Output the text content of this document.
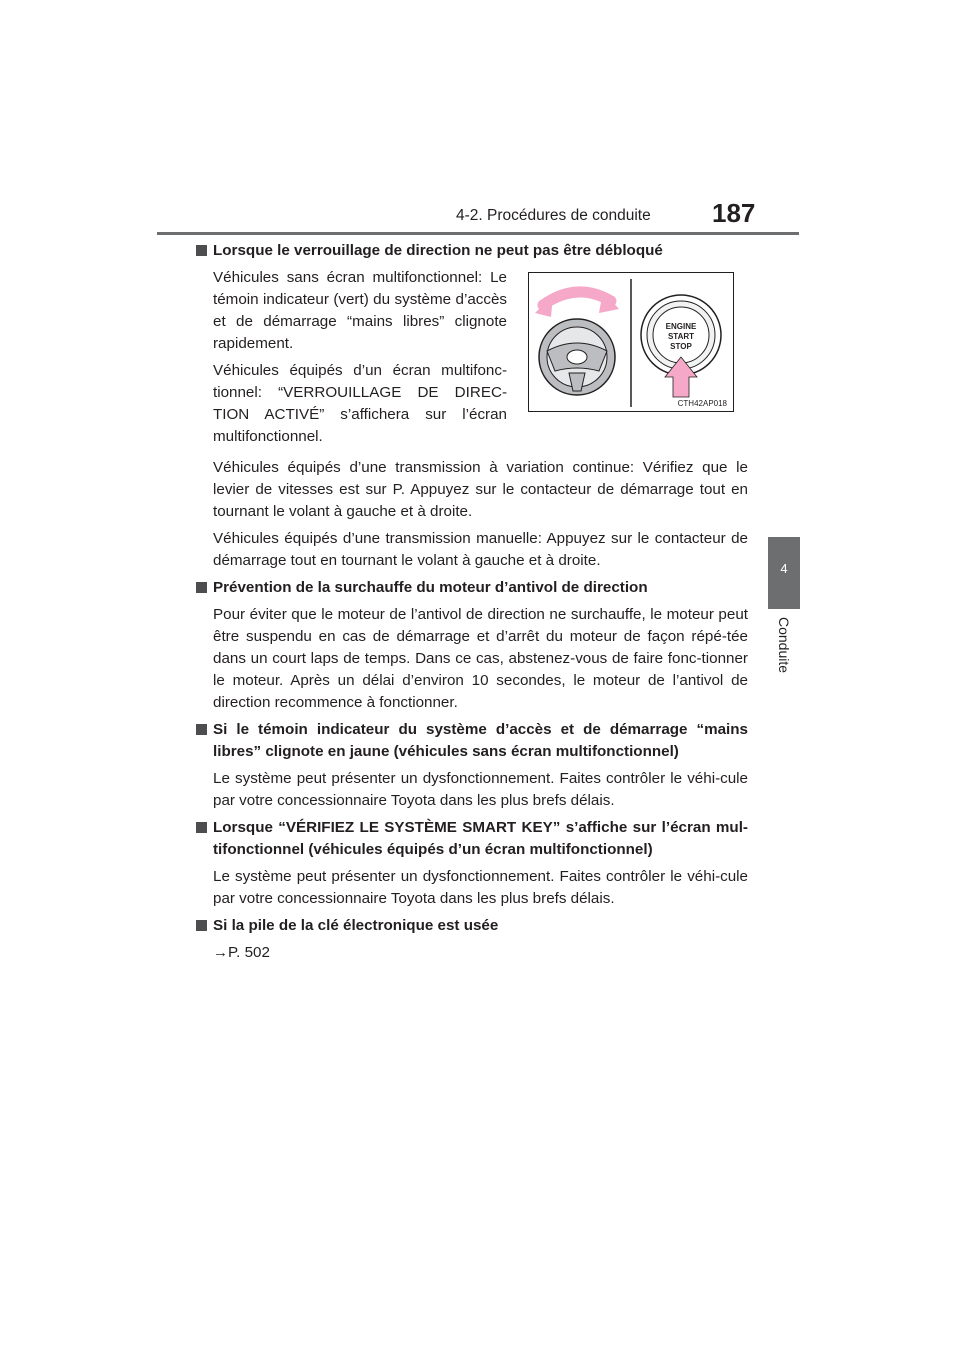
4-2. Procédures de conduite 187
4
Conduite
ENGINE
START
STOP
CTH42AP018
Lorsque le verrouillage de direction ne peut pas être débloqué

Véhicules sans écran multifonctionnel: Le témoin indicateur (vert) du système d’accès et de démarrage “mains libres” clignote rapidement.

Véhicules équipés d’un écran multifonc-tionnel: “VERROUILLAGE DE DIREC-TION ACTIVÉ” s’affichera sur l’écran multifonctionnel.

Véhicules équipés d’une transmission à variation continue: Vérifiez que le levier de vitesses est sur P. Appuyez sur le contacteur de démarrage tout en tournant le volant à gauche et à droite.

Véhicules équipés d’une transmission manuelle: Appuyez sur le contacteur de démarrage tout en tournant le volant à gauche et à droite.

Prévention de la surchauffe du moteur d’antivol de direction

Pour éviter que le moteur de l’antivol de direction ne surchauffe, le moteur peut être suspendu en cas de démarrage et d’arrêt du moteur de façon répé-tée dans un court laps de temps. Dans ce cas, abstenez-vous de faire fonc-tionner le moteur. Après un délai d’environ 10 secondes, le moteur de l’antivol de direction recommence à fonctionner.

Si le témoin indicateur du système d’accès et de démarrage “mains libres” clignote en jaune (véhicules sans écran multifonctionnel)

Le système peut présenter un dysfonctionnement. Faites contrôler le véhi-cule par votre concessionnaire Toyota dans les plus brefs délais.

Lorsque “VÉRIFIEZ LE SYSTÈME SMART KEY” s’affiche sur l’écran mul-tifonctionnel (véhicules équipés d’un écran multifonctionnel)

Le système peut présenter un dysfonctionnement. Faites contrôler le véhi-cule par votre concessionnaire Toyota dans les plus brefs délais.

Si la pile de la clé électronique est usée

→P. 502
